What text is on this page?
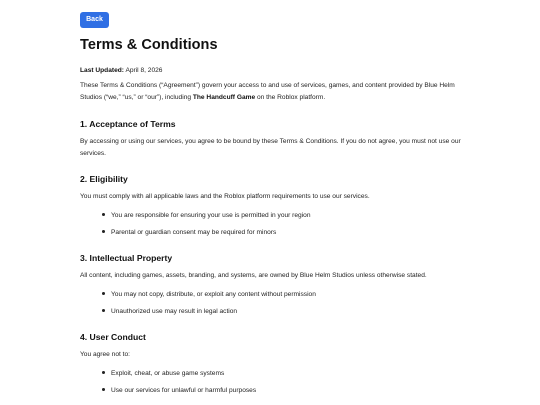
Back
Terms & Conditions

Last Updated: April 8, 2026

These Terms & Conditions (“Agreement”) govern your access to and use of services, games, and content provided by Blue Helm Studios (“we,” “us,” or “our”), including The Handcuff Game on the Roblox platform.

1. Acceptance of Terms

By accessing or using our services, you agree to be bound by these Terms & Conditions. If you do not agree, you must not use our services.

2. Eligibility

You must comply with all applicable laws and the Roblox platform requirements to use our services.

You are responsible for ensuring your use is permitted in your region

Parental or guardian consent may be required for minors

3. Intellectual Property

All content, including games, assets, branding, and systems, are owned by Blue Helm Studios unless otherwise stated.

You may not copy, distribute, or exploit any content without permission

Unauthorized use may result in legal action

4. User Conduct

You agree not to:

Exploit, cheat, or abuse game systems

Use our services for unlawful or harmful purposes
